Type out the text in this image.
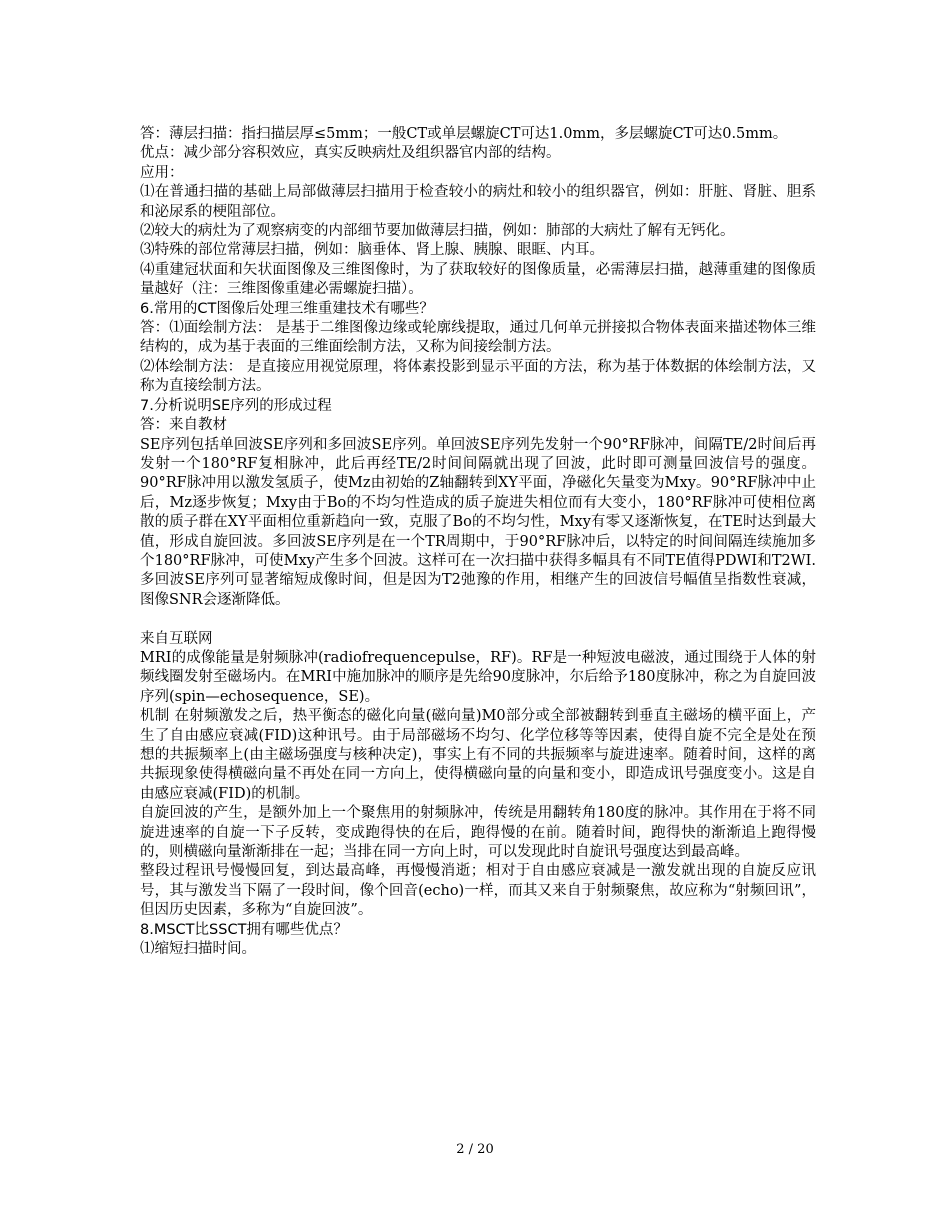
答：薄层扫描：指扫描层厚≤5mm；一般CT或单层螺旋CT可达1.0mm，多层螺旋CT可达0.5mm。
优点：减少部分容积效应，真实反映病灶及组织器官内部的结构。
应用：
⑴在普通扫描的基础上局部做薄层扫描用于检查较小的病灶和较小的组织器官，例如：肝脏、肾脏、胆系和泌尿系的梗阻部位。
⑵较大的病灶为了观察病变的内部细节要加做薄层扫描，例如：肺部的大病灶了解有无钙化。
⑶特殊的部位常薄层扫描，例如：脑垂体、肾上腺、胰腺、眼眶、内耳。
⑷重建冠状面和矢状面图像及三维图像时，为了获取较好的图像质量，必需薄层扫描，越薄重建的图像质量越好（注：三维图像重建必需螺旋扫描）。
6.常用的CT图像后处理三维重建技术有哪些？
答：⑴面绘制方法： 是基于二维图像边缘或轮廓线提取，通过几何单元拼接拟合物体表面来描述物体三维结构的，成为基于表面的三维面绘制方法，又称为间接绘制方法。
⑵体绘制方法： 是直接应用视觉原理，将体素投影到显示平面的方法，称为基于体数据的体绘制方法，又称为直接绘制方法。
7.分析说明SE序列的形成过程
答：来自教材
SE序列包括单回波SE序列和多回波SE序列。单回波SE序列先发射一个90°RF脉冲，间隔TE/2时间后再发射一个180°RF复相脉冲，此后再经TE/2时间间隔就出现了回波，此时即可测量回波信号的强度。90°RF脉冲用以激发氢质子，使Mz由初始的Z轴翻转到XY平面，净磁化矢量变为Mxy。90°RF脉冲中止后，Mz逐步恢复；Mxy由于Bo的不均匀性造成的质子旋进失相位而有大变小，180°RF脉冲可使相位离散的质子群在XY平面相位重新趋向一致，克服了Bo的不均匀性，Mxy有零又逐渐恢复，在TE时达到最大值，形成自旋回波。多回波SE序列是在一个TR周期中，于90°RF脉冲后，以特定的时间间隔连续施加多个180°RF脉冲，可使Mxy产生多个回波。这样可在一次扫描中获得多幅具有不同TE值得PDWI和T2WI.多回波SE序列可显著缩短成像时间，但是因为T2弛豫的作用，相继产生的回波信号幅值呈指数性衰减，图像SNR会逐渐降低。
来自互联网
MRI的成像能量是射频脉冲(radiofrequencepulse，RF)。RF是一种短波电磁波，通过围绕于人体的射频线圈发射至磁场内。在MRI中施加脉冲的顺序是先给90度脉冲，尔后给予180度脉冲，称之为自旋回波序列(spin—echosequence，SE)。
机制 在射频激发之后，热平衡态的磁化向量(磁向量)M0部分或全部被翻转到垂直主磁场的横平面上，产生了自由感应衰减(FID)这种讯号。由于局部磁场不均匀、化学位移等等因素，使得自旋不完全是处在预想的共振频率上(由主磁场强度与核种决定)，事实上有不同的共振频率与旋进速率。随着时间，这样的离共振现象使得横磁向量不再处在同一方向上，使得横磁向量的向量和变小，即造成讯号强度变小。这是自由感应衰减(FID)的机制。
自旋回波的产生，是额外加上一个聚焦用的射频脉冲，传统是用翻转角180度的脉冲。其作用在于将不同旋进速率的自旋一下子反转，变成跑得快的在后，跑得慢的在前。随着时间，跑得快的渐渐追上跑得慢的，则横磁向量渐渐排在一起；当排在同一方向上时，可以发现此时自旋讯号强度达到最高峰。
整段过程讯号慢慢回复，到达最高峰，再慢慢消逝；相对于自由感应衰减是一激发就出现的自旋反应讯号，其与激发当下隔了一段时间，像个回音(echo)一样，而其又来自于射频聚焦，故应称为“射频回讯”，但因历史因素，多称为“自旋回波”。
8.MSCT比SSCT拥有哪些优点？
⑴缩短扫描时间。
2 / 20
